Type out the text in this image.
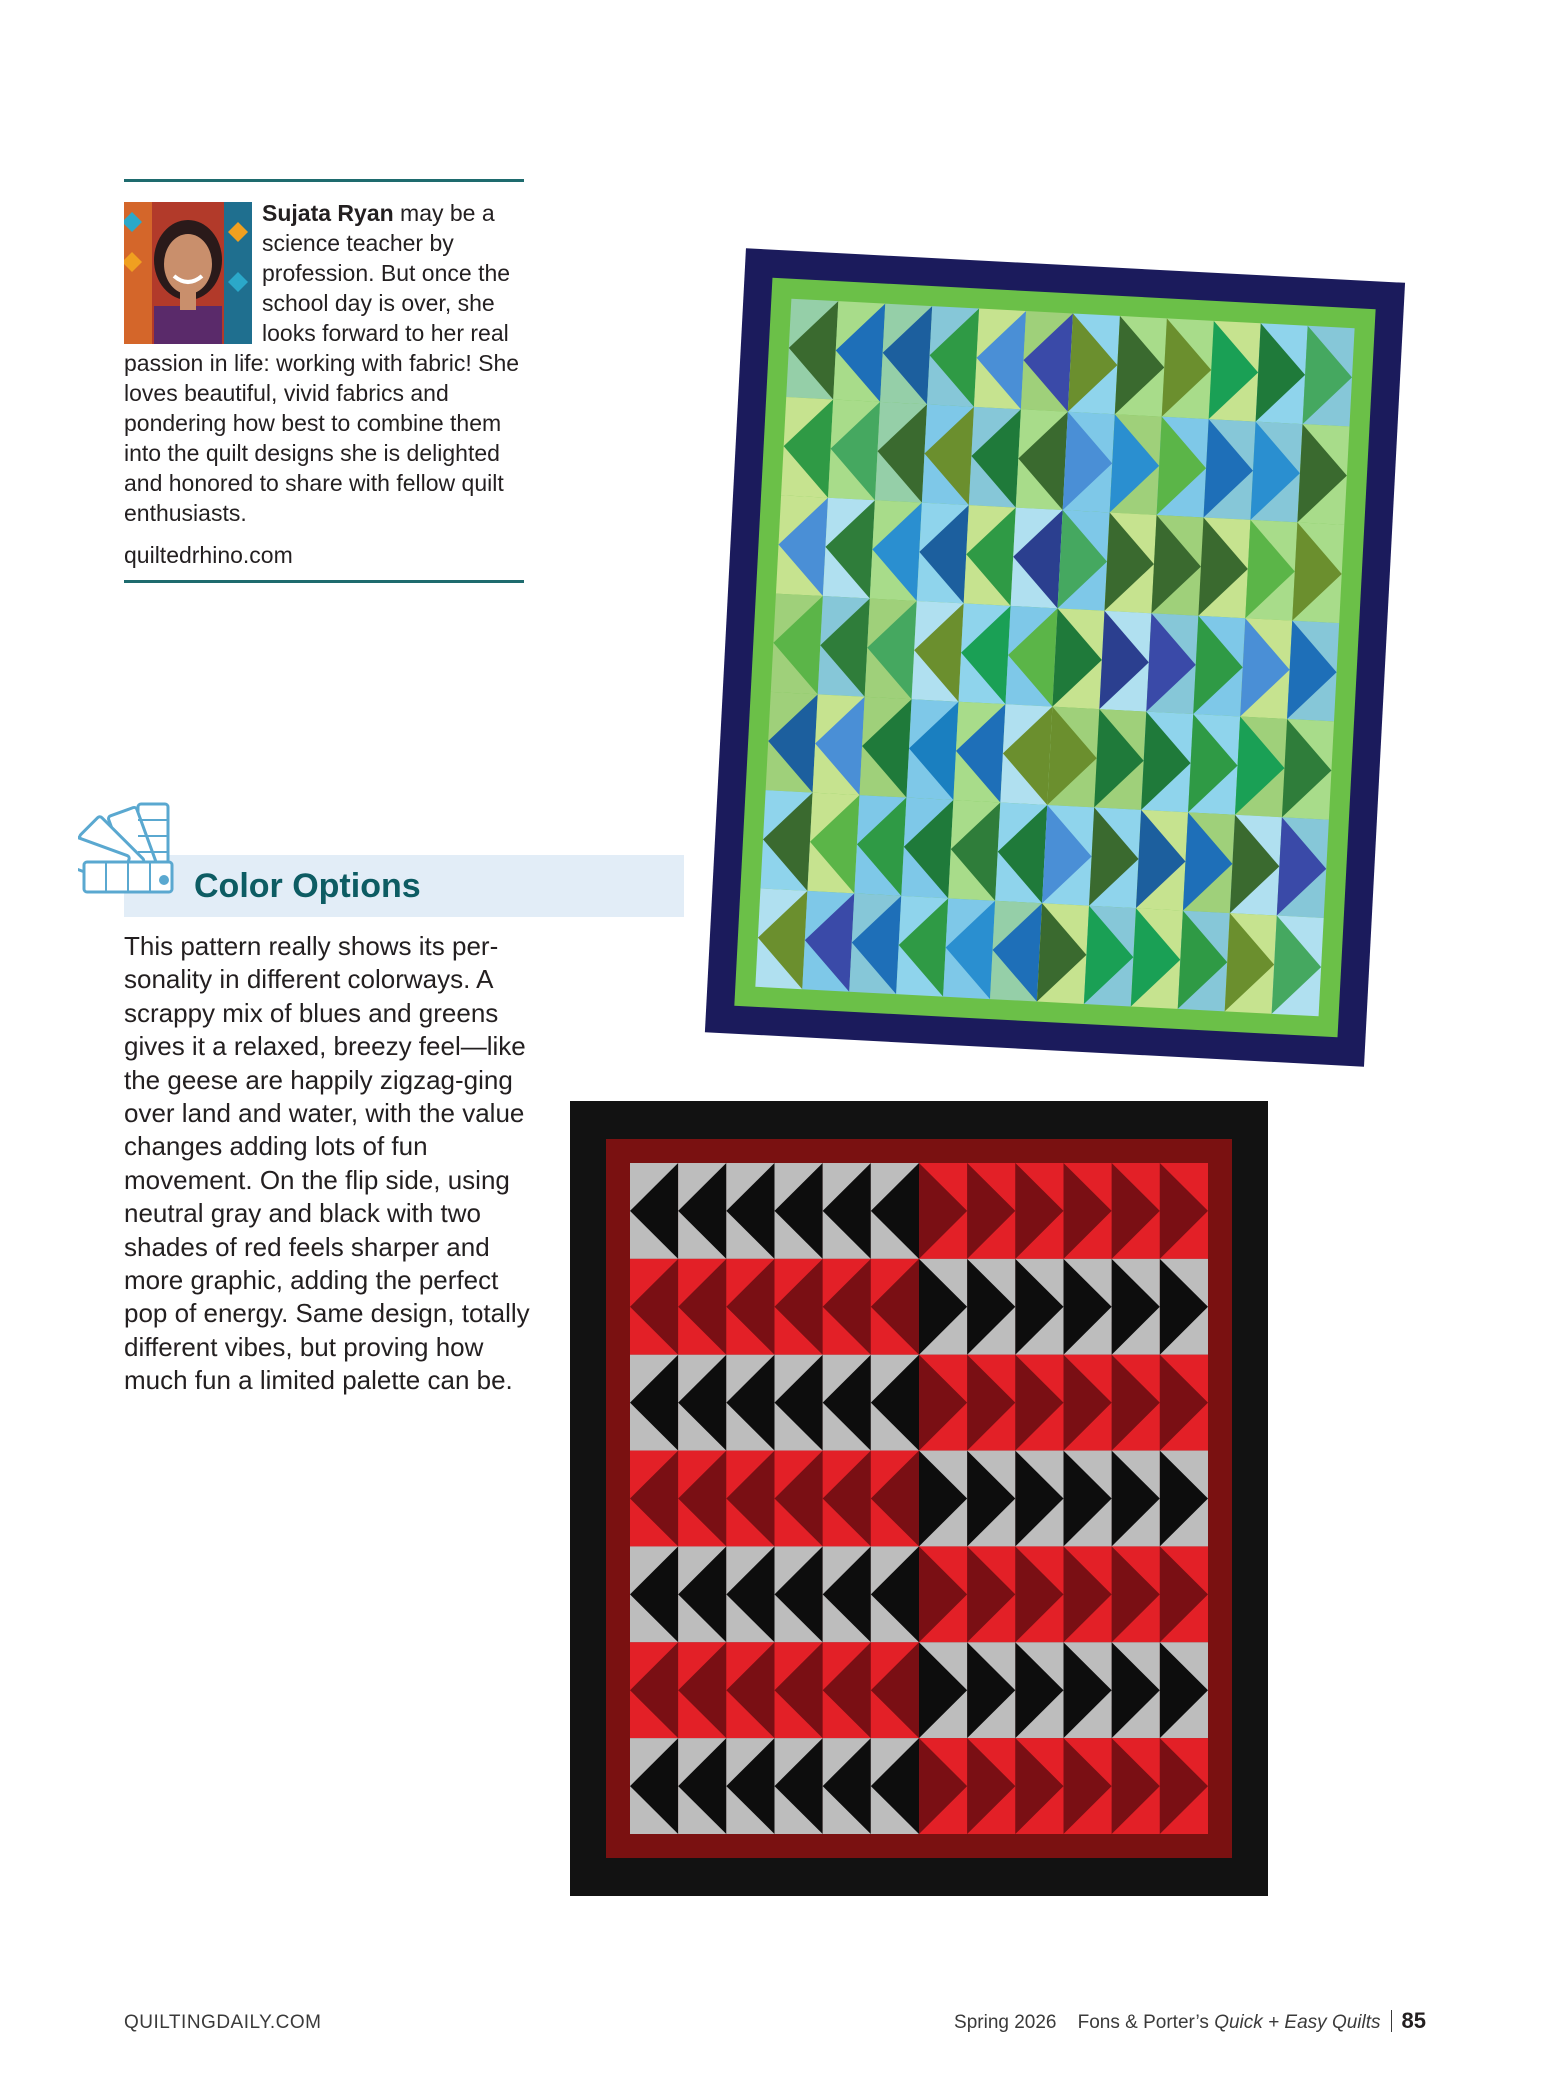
Sujata Ryan may be a science teacher by profession. But once the school day is over, she looks forward to her real passion in life: working with fabric! She loves beautiful, vivid fabrics and pondering how best to combine them into the quilt designs she is delighted and honored to share with fellow quilt enthusiasts.

quiltedrhino.com

Color Options

This pattern really shows its per-sonality in different colorways. A scrappy mix of blues and greens gives it a relaxed, breezy feel—like the geese are happily zigzag-ging over land and water, with the value changes adding lots of fun movement. On the flip side, using neutral gray and black with two shades of red feels sharper and more graphic, adding the perfect pop of energy. Same design, totally different vibes, but proving how much fun a limited palette can be.

QUILTINGDAILY.COM	Spring 2026 Fons & Porter’s Quick + Easy Quilts 85
